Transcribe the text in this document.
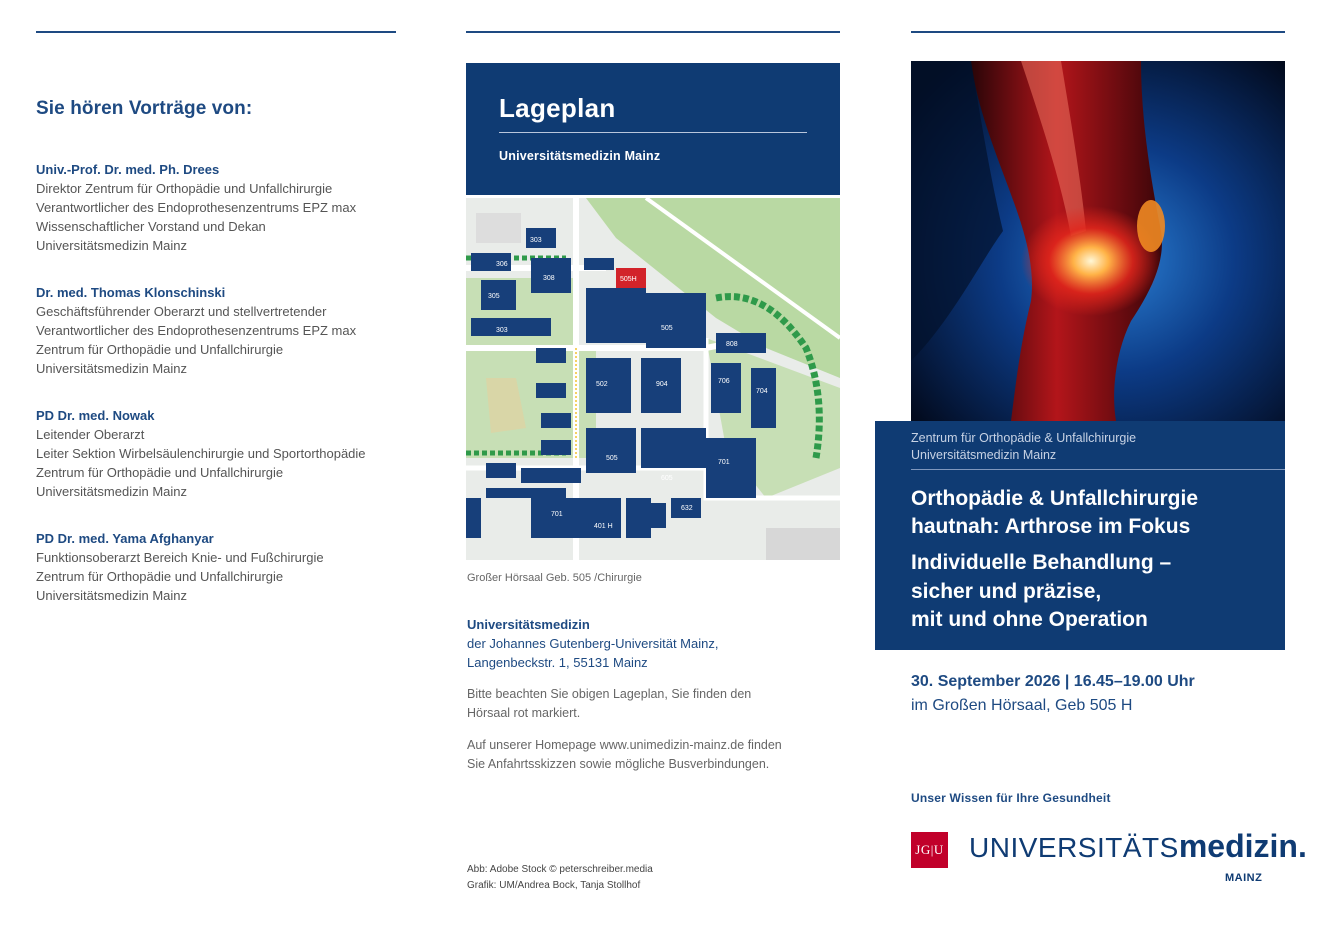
Sie hören Vorträge von:
Univ.-Prof. Dr. med. Ph. Drees
Direktor Zentrum für Orthopädie und Unfallchirurgie
Verantwortlicher des Endoprothesenzentrums EPZ max
Wissenschaftlicher Vorstand und Dekan
Universitätsmedizin Mainz
Dr. med. Thomas Klonschinski
Geschäftsführender Oberarzt und stellvertretender
Verantwortlicher des Endoprothesenzentrums EPZ max
Zentrum für Orthopädie und Unfallchirurgie
Universitätsmedizin Mainz
PD Dr. med. Nowak
Leitender Oberarzt
Leiter Sektion Wirbelsäulenchirurgie und Sportorthopädie
Zentrum für Orthopädie und Unfallchirurgie
Universitätsmedizin Mainz
PD Dr. med. Yama Afghanyar
Funktionsoberarzt Bereich Knie- und Fußchirurgie
Zentrum für Orthopädie und Unfallchirurgie
Universitätsmedizin Mainz
Lageplan
Universitätsmedizin Mainz
303
306
308
305
303
505H
505
808
502	904	706
704
505
605
701
701
401 H
632
Großer Hörsaal Geb. 505 /Chirurgie
Universitätsmedizin
der Johannes Gutenberg-Universität Mainz,
Langenbeckstr. 1, 55131 Mainz
Bitte beachten Sie obigen Lageplan, Sie finden den
Hörsaal rot markiert.
Auf unserer Homepage www.unimedizin-mainz.de finden
Sie Anfahrtsskizzen sowie mögliche Busverbindungen.
Abb: Adobe Stock © peterschreiber.media
Grafik: UM/Andrea Bock, Tanja Stollhof
Zentrum für Orthopädie & Unfallchirurgie
Universitätsmedizin Mainz
Orthopädie & Unfallchirurgie
hautnah: Arthrose im Fokus
Individuelle Behandlung –
sicher und präzise,
mit und ohne Operation
30. September 2026 | 16.45–19.00 Uhr
im Großen Hörsaal, Geb 505 H
Unser Wissen für Ihre Gesundheit
JG|U UNIVERSITÄTSmedizin.
MAINZ
